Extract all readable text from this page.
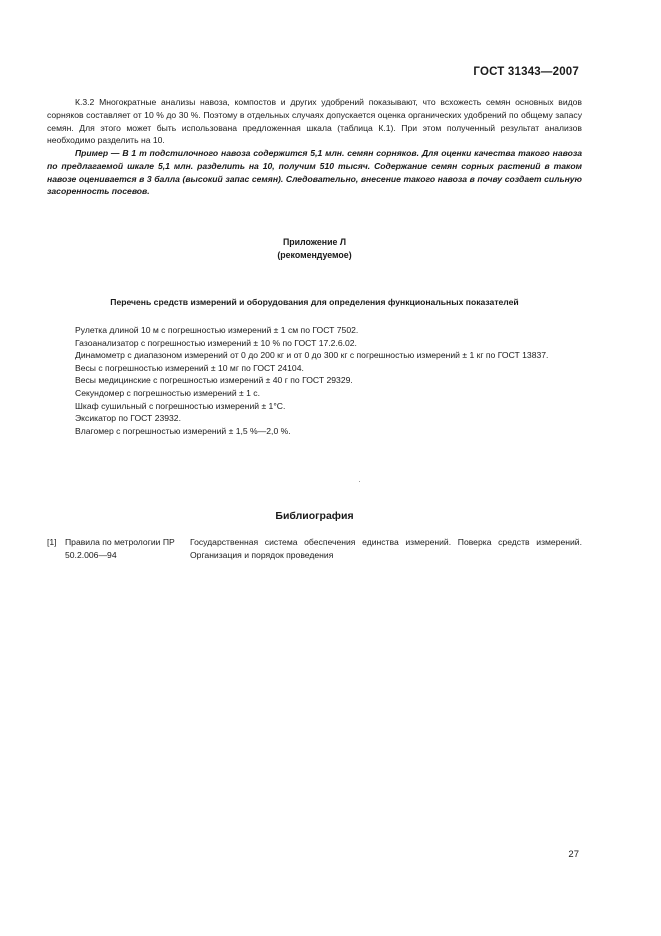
ГОСТ 31343—2007

К.3.2 Многократные анализы навоза, компостов и других удобрений показывают, что всхожесть семян основных видов сорняков составляет от 10 % до 30 %. Поэтому в отдельных случаях допускается оценка органических удобрений по общему запасу семян. Для этого может быть использована предложенная шкала (таблица К.1). При этом полученный результат анализов необходимо разделить на 10.

Пример — В 1 т подстилочного навоза содержится 5,1 млн. семян сорняков. Для оценки качества такого навоза по предлагаемой шкале 5,1 млн. разделить на 10, получим 510 тысяч. Содержание семян сорных растений в таком навозе оценивается в 3 балла (высокий запас семян). Следовательно, внесение такого навоза в почву создает сильную засоренность посевов.

Приложение Л
(рекомендуемое)
Перечень средств измерений и оборудования для определения функциональных показателей
Рулетка длиной 10 м с погрешностью измерений ± 1 см по ГОСТ 7502.
Газоанализатор с погрешностью измерений ± 10 % по ГОСТ 17.2.6.02.
Динамометр с диапазоном измерений от 0 до 200 кг и от 0 до 300 кг с погрешностью измерений ± 1 кг по ГОСТ 13837.
Весы с погрешностью измерений ± 10 мг по ГОСТ 24104.
Весы медицинские с погрешностью измерений ± 40 г по ГОСТ 29329.
Секундомер с погрешностью измерений ± 1 с.
Шкаф сушильный с погрешностью измерений ± 1°С.
Эксикатор по ГОСТ 23932.
Влагомер с погрешностью измерений ± 1,5 %—2,0 %.
Библиография
[1] Правила по метрологии ПР 50.2.006—94
Государственная система обеспечения единства измерений. Поверка средств измерений. Организация и порядок проведения
27
